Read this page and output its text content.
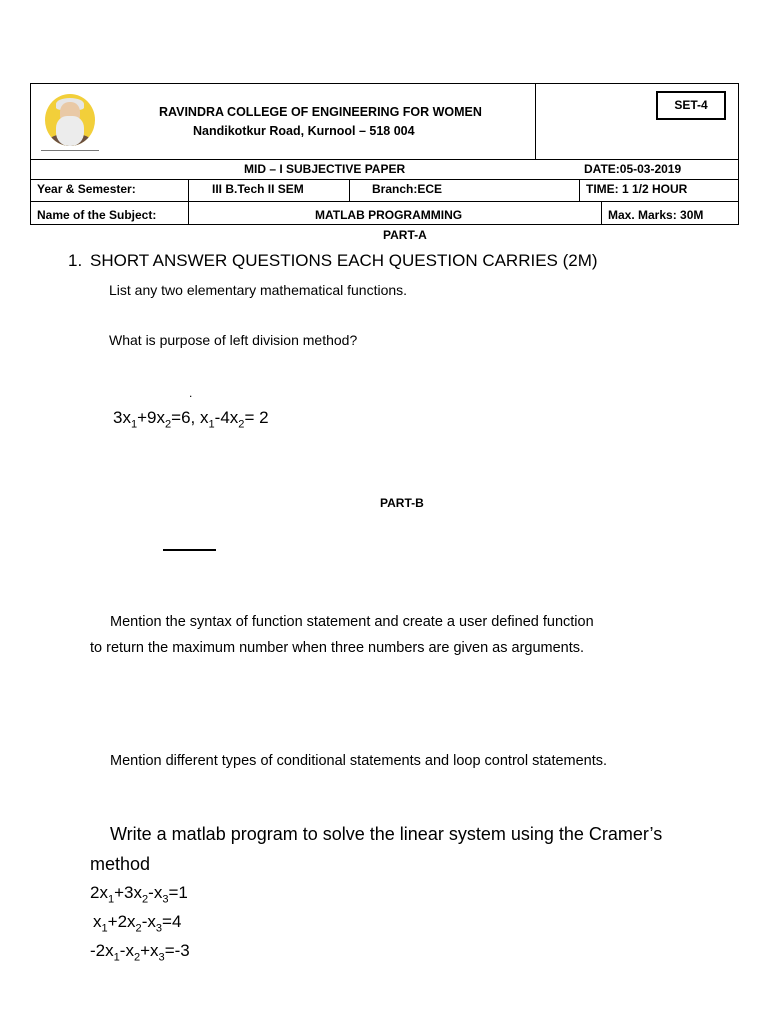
RAVINDRA COLLEGE OF ENGINEERING FOR WOMEN
Nandikotkur Road, Kurnool – 518 004
SET-4
MID – I SUBJECTIVE PAPER	DATE:05-03-2019
Year & Semester:	III B.Tech II SEM	Branch:ECE	TIME: 1 1/2 HOUR
Name of the Subject:	MATLAB PROGRAMMING	Max. Marks: 30M
PART-A
1. SHORT ANSWER QUESTIONS EACH QUESTION CARRIES (2M)
List any two elementary mathematical functions.
What is purpose of left division method?
.
$3x_1+9x_2=6$, $x_1-4x_2= 2$
PART-B
Mention the syntax of function statement and create a user defined function
to return the maximum number when three numbers are given as arguments.
Mention different types of conditional statements and loop control statements.
Write a matlab program to solve the linear system using the Cramer’s
method
$2x_1+3x_2-x_3=1$
$x_1+2x_2-x_3=4$
$-2x_1-x_2+x_3=-3$
